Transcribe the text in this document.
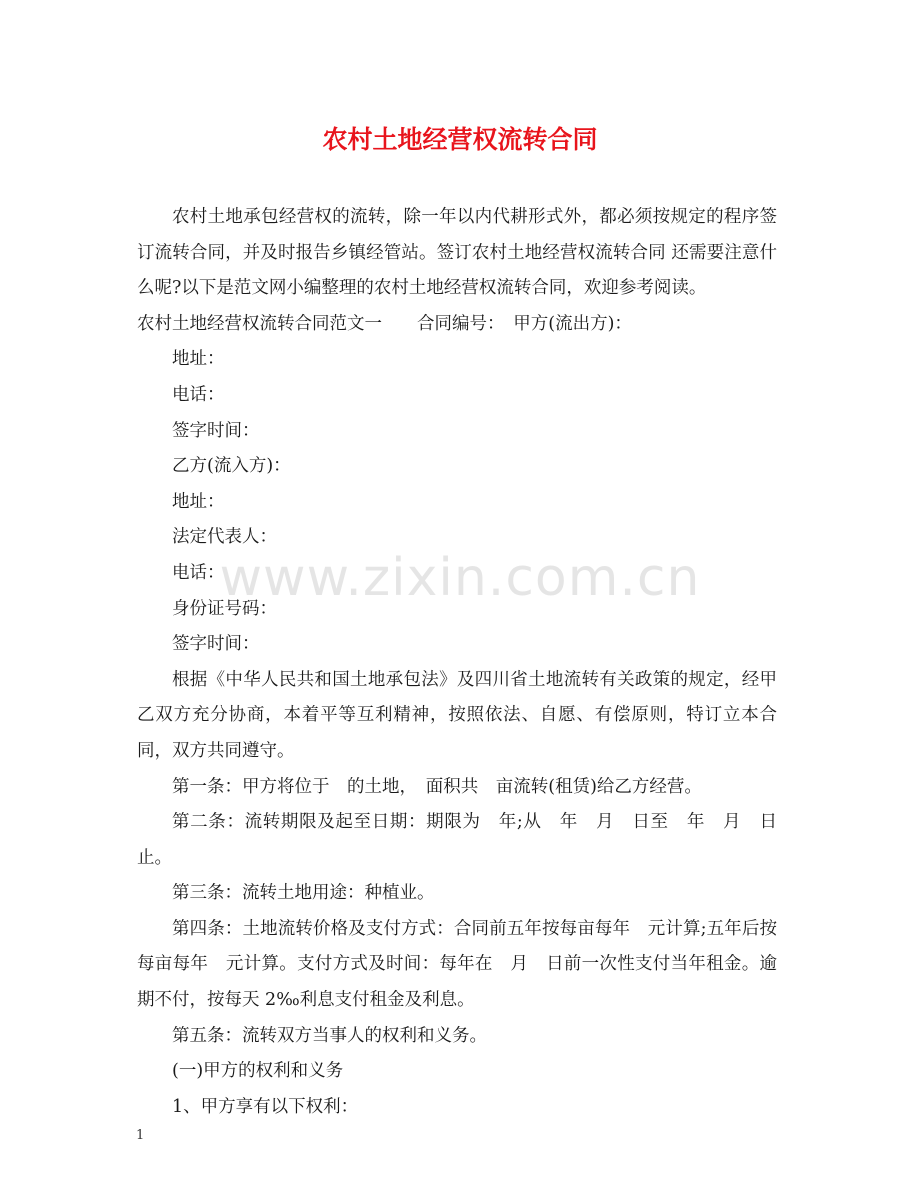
农村土地经营权流转合同

农村土地承包经营权的流转，除一年以内代耕形式外，都必须按规定的程序签订流转合同，并及时报告乡镇经管站。签订农村土地经营权流转合同 还需要注意什么呢?以下是范文网小编整理的农村土地经营权流转合同，欢迎参考阅读。

农村土地经营权流转合同范文一　　合同编号：　甲方(流出方)：

地址：

电话：

签字时间：

乙方(流入方)：

地址：

法定代表人：

电话：

身份证号码：

签字时间：

根据《中华人民共和国土地承包法》及四川省土地流转有关政策的规定，经甲乙双方充分协商，本着平等互利精神，按照依法、自愿、有偿原则，特订立本合同，双方共同遵守。

第一条：甲方将位于　的土地，　面积共　亩流转(租赁)给乙方经营。

第二条：流转期限及起至日期：期限为　年;从　年　月　日至　年　月　日止。

第三条：流转土地用途：种植业。

第四条：土地流转价格及支付方式：合同前五年按每亩每年　元计算;五年后按每亩每年　元计算。支付方式及时间：每年在　月　日前一次性支付当年租金。逾期不付，按每天 2‰利息支付租金及利息。

第五条：流转双方当事人的权利和义务。

(一)甲方的权利和义务

1、甲方享有以下权利：

www.zixin.com.cn
1
